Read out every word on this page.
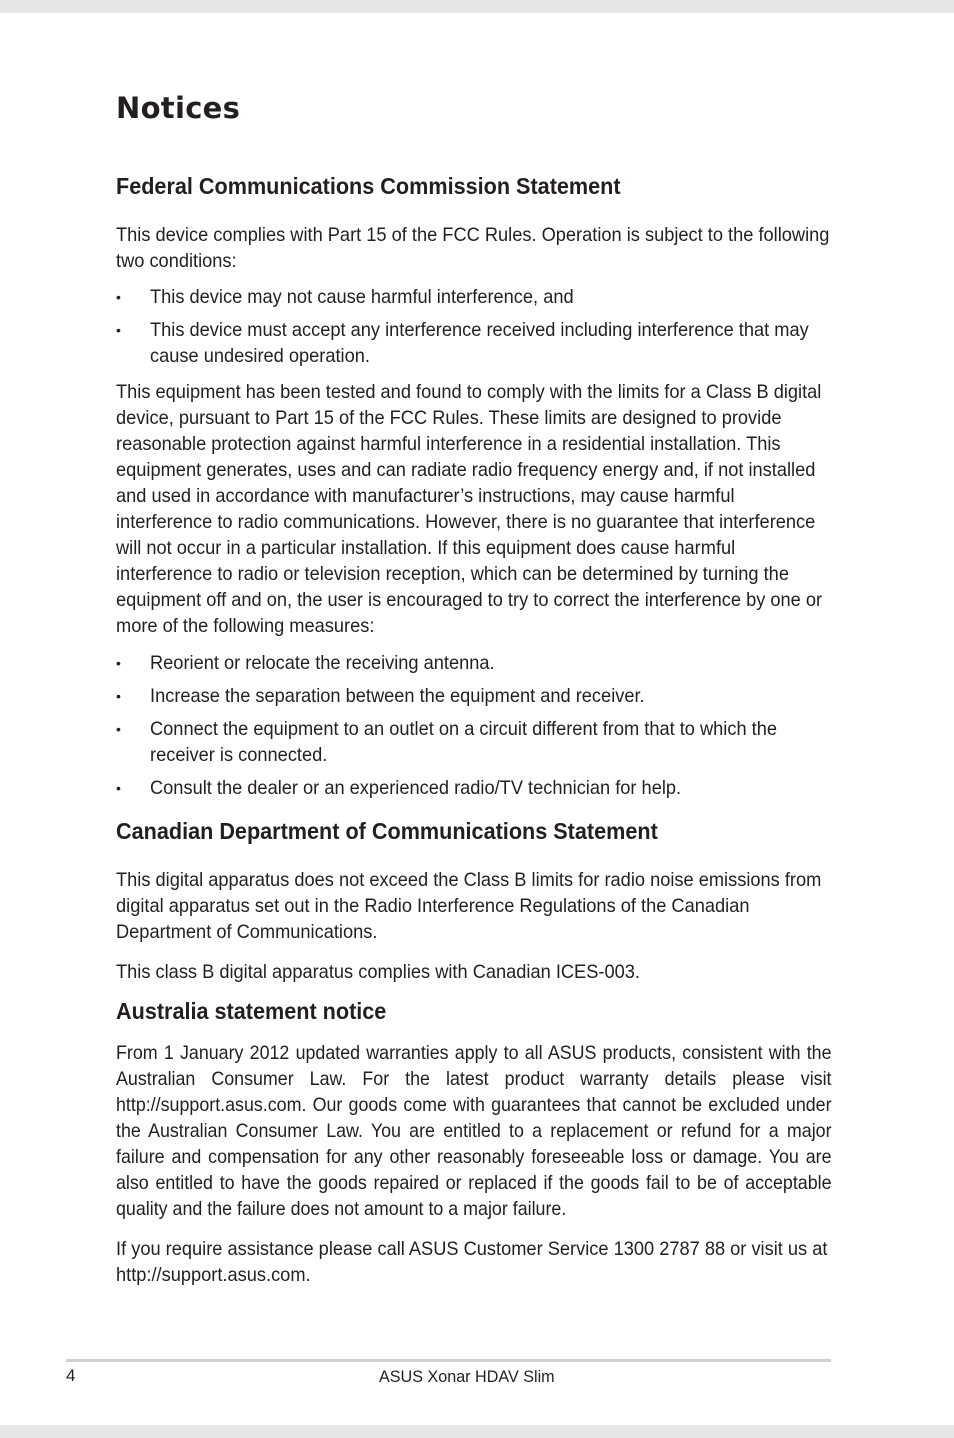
Notices
Federal Communications Commission Statement

This device complies with Part 15 of the FCC Rules. Operation is subject to the following two conditions:

• This device may not cause harmful interference, and
• This device must accept any interference received including interference that may cause undesired operation.

This equipment has been tested and found to comply with the limits for a Class B digital device, pursuant to Part 15 of the FCC Rules. These limits are designed to provide reasonable protection against harmful interference in a residential installation. This equipment generates, uses and can radiate radio frequency energy and, if not installed and used in accordance with manufacturer’s instructions, may cause harmful interference to radio communications. However, there is no guarantee that interference will not occur in a particular installation. If this equipment does cause harmful interference to radio or television reception, which can be determined by turning the equipment off and on, the user is encouraged to try to correct the interference by one or more of the following measures:

• Reorient or relocate the receiving antenna.
• Increase the separation between the equipment and receiver.
• Connect the equipment to an outlet on a circuit different from that to which the receiver is connected.
• Consult the dealer or an experienced radio/TV technician for help.
Canadian Department of Communications Statement

This digital apparatus does not exceed the Class B limits for radio noise emissions from digital apparatus set out in the Radio Interference Regulations of the Canadian Department of Communications.

This class B digital apparatus complies with Canadian ICES-003.

Australia statement notice

From 1 January 2012 updated warranties apply to all ASUS products, consistent with the Australian Consumer Law. For the latest product warranty details please visit http://support.asus.com. Our goods come with guarantees that cannot be excluded under the Australian Consumer Law. You are entitled to a replacement or refund for a major failure and compensation for any other reasonably foreseeable loss or damage. You are also entitled to have the goods repaired or replaced if the goods fail to be of acceptable quality and the failure does not amount to a major failure.

If you require assistance please call ASUS Customer Service 1300 2787 88 or visit us at http://support.asus.com.

4	ASUS Xonar HDAV Slim
